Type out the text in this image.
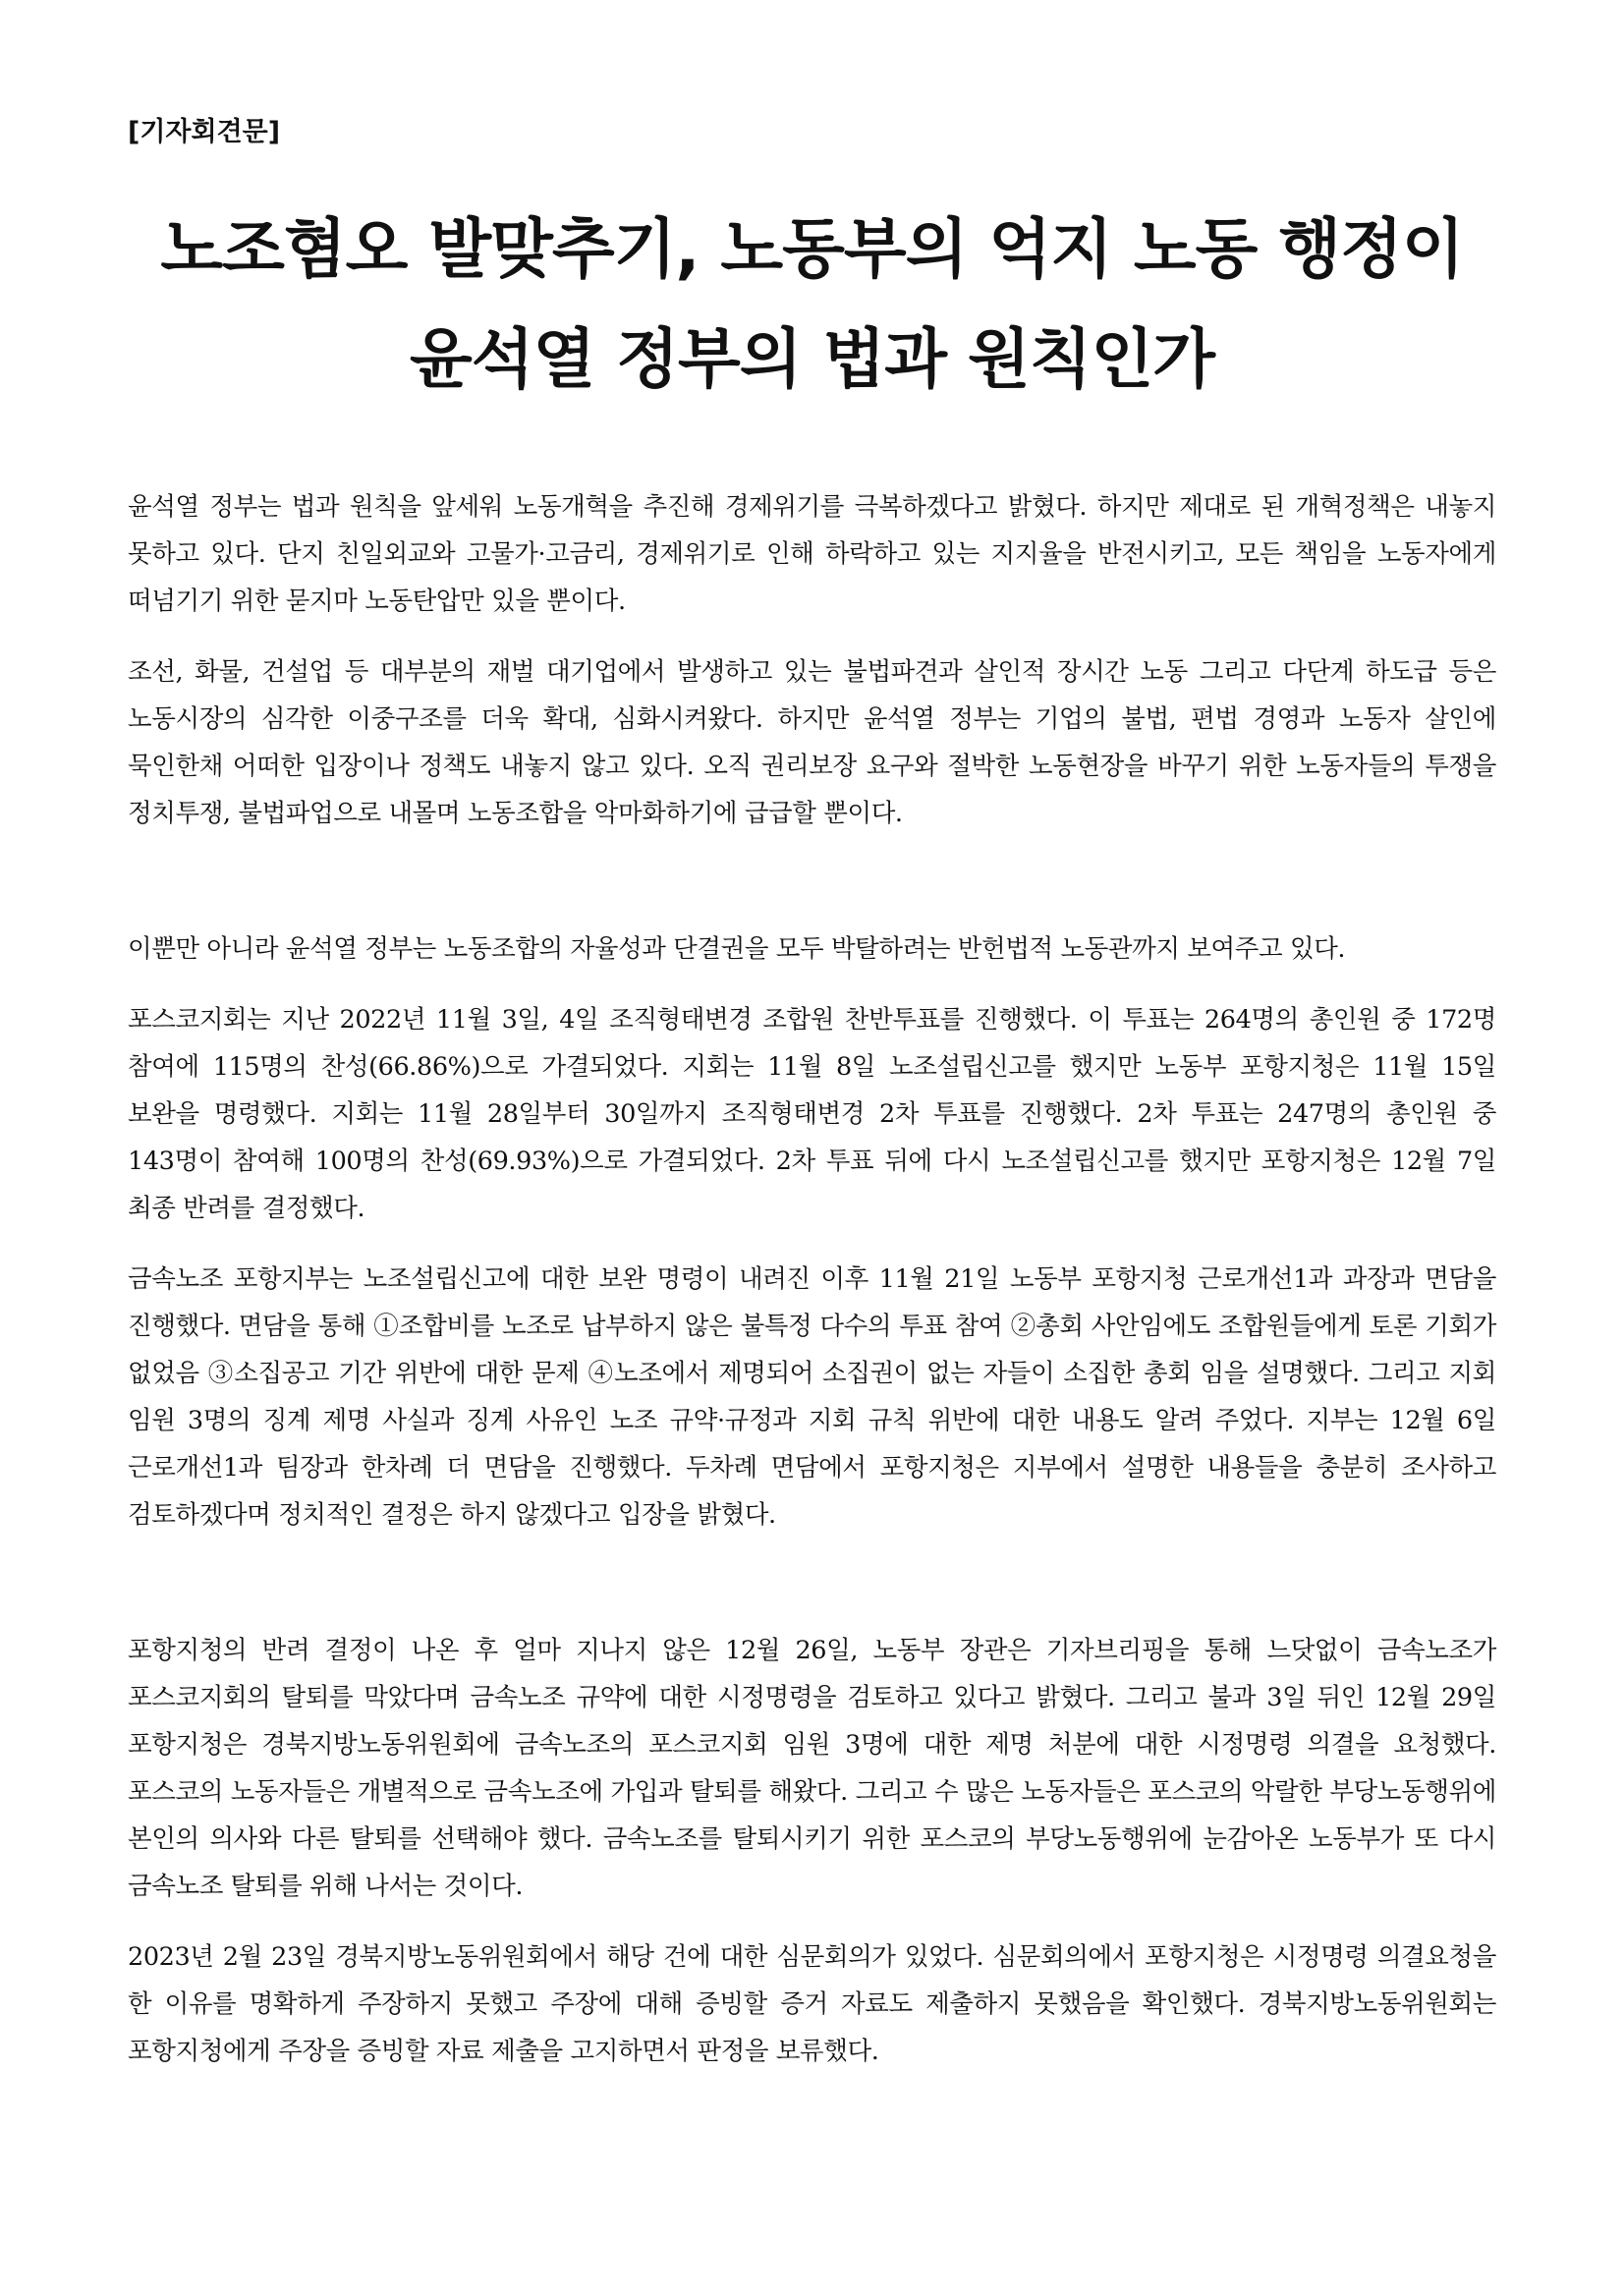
[기자회견문]
노조혐오 발맞추기, 노동부의 억지 노동 행정이
윤석열 정부의 법과 원칙인가

윤석열 정부는 법과 원칙을 앞세워 노동개혁을 추진해 경제위기를 극복하겠다고 밝혔다. 하지만 제대로 된 개혁정책은 내놓지 못하고 있다. 단지 친일외교와 고물가·고금리, 경제위기로 인해 하락하고 있는 지지율을 반전시키고, 모든 책임을 노동자에게 떠넘기기 위한 묻지마 노동탄압만 있을 뿐이다.

조선, 화물, 건설업 등 대부분의 재벌 대기업에서 발생하고 있는 불법파견과 살인적 장시간 노동 그리고 다단계 하도급 등은 노동시장의 심각한 이중구조를 더욱 확대, 심화시켜왔다. 하지만 윤석열 정부는 기업의 불법, 편법 경영과 노동자 살인에 묵인한채 어떠한 입장이나 정책도 내놓지 않고 있다. 오직 권리보장 요구와 절박한 노동현장을 바꾸기 위한 노동자들의 투쟁을 정치투쟁, 불법파업으로 내몰며 노동조합을 악마화하기에 급급할 뿐이다.

이뿐만 아니라 윤석열 정부는 노동조합의 자율성과 단결권을 모두 박탈하려는 반헌법적 노동관까지 보여주고 있다.

포스코지회는 지난 2022년 11월 3일, 4일 조직형태변경 조합원 찬반투표를 진행했다. 이 투표는 264명의 총인원 중 172명 참여에 115명의 찬성(66.86%)으로 가결되었다. 지회는 11월 8일 노조설립신고를 했지만 노동부 포항지청은 11월 15일 보완을 명령했다. 지회는 11월 28일부터 30일까지 조직형태변경 2차 투표를 진행했다. 2차 투표는 247명의 총인원 중 143명이 참여해 100명의 찬성(69.93%)으로 가결되었다. 2차 투표 뒤에 다시 노조설립신고를 했지만 포항지청은 12월 7일 최종 반려를 결정했다.

금속노조 포항지부는 노조설립신고에 대한 보완 명령이 내려진 이후 11월 21일 노동부 포항지청 근로개선1과 과장과 면담을 진행했다. 면담을 통해 ①조합비를 노조로 납부하지 않은 불특정 다수의 투표 참여 ②총회 사안임에도 조합원들에게 토론 기회가 없었음 ③소집공고 기간 위반에 대한 문제 ④노조에서 제명되어 소집권이 없는 자들이 소집한 총회 임을 설명했다. 그리고 지회 임원 3명의 징계 제명 사실과 징계 사유인 노조 규약·규정과 지회 규칙 위반에 대한 내용도 알려 주었다. 지부는 12월 6일 근로개선1과 팀장과 한차례 더 면담을 진행했다. 두차례 면담에서 포항지청은 지부에서 설명한 내용들을 충분히 조사하고 검토하겠다며 정치적인 결정은 하지 않겠다고 입장을 밝혔다.

포항지청의 반려 결정이 나온 후 얼마 지나지 않은 12월 26일, 노동부 장관은 기자브리핑을 통해 느닷없이 금속노조가 포스코지회의 탈퇴를 막았다며 금속노조 규약에 대한 시정명령을 검토하고 있다고 밝혔다. 그리고 불과 3일 뒤인 12월 29일 포항지청은 경북지방노동위원회에 금속노조의 포스코지회 임원 3명에 대한 제명 처분에 대한 시정명령 의결을 요청했다. 포스코의 노동자들은 개별적으로 금속노조에 가입과 탈퇴를 해왔다. 그리고 수 많은 노동자들은 포스코의 악랄한 부당노동행위에 본인의 의사와 다른 탈퇴를 선택해야 했다. 금속노조를 탈퇴시키기 위한 포스코의 부당노동행위에 눈감아온 노동부가 또 다시 금속노조 탈퇴를 위해 나서는 것이다.

2023년 2월 23일 경북지방노동위원회에서 해당 건에 대한 심문회의가 있었다. 심문회의에서 포항지청은 시정명령 의결요청을 한 이유를 명확하게 주장하지 못했고 주장에 대해 증빙할 증거 자료도 제출하지 못했음을 확인했다. 경북지방노동위원회는 포항지청에게 주장을 증빙할 자료 제출을 고지하면서 판정을 보류했다.
